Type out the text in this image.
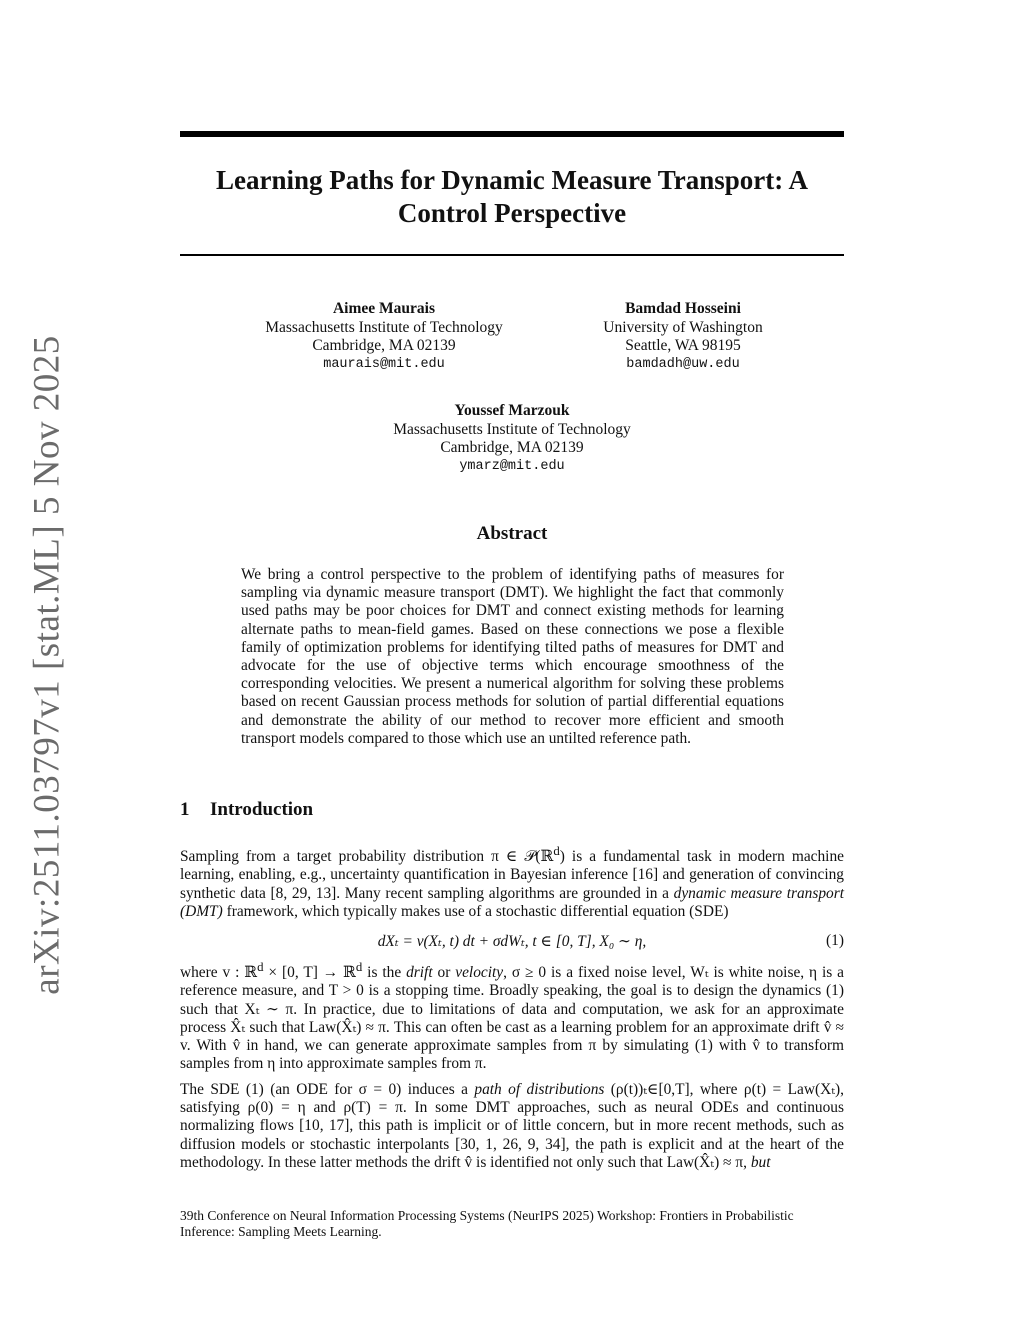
arXiv:2511.03797v1 [stat.ML] 5 Nov 2025
Learning Paths for Dynamic Measure Transport: A
Control Perspective
Aimee Maurais
Massachusetts Institute of Technology
Cambridge, MA 02139
maurais@mit.edu
Bamdad Hosseini
University of Washington
Seattle, WA 98195
bamdadh@uw.edu
Youssef Marzouk
Massachusetts Institute of Technology
Cambridge, MA 02139
ymarz@mit.edu
Abstract
We bring a control perspective to the problem of identifying paths of measures for sampling via dynamic measure transport (DMT). We highlight the fact that commonly used paths may be poor choices for DMT and connect existing methods for learning alternate paths to mean-field games. Based on these connections we pose a flexible family of optimization problems for identifying tilted paths of measures for DMT and advocate for the use of objective terms which encourage smoothness of the corresponding velocities. We present a numerical algorithm for solving these problems based on recent Gaussian process methods for solution of partial differential equations and demonstrate the ability of our method to recover more efficient and smooth transport models compared to those which use an untilted reference path.
1 Introduction
Sampling from a target probability distribution π ∈ 𝒫(ℝ$^d$) is a fundamental task in modern machine learning, enabling, e.g., uncertainty quantification in Bayesian inference [16] and generation of convincing synthetic data [8, 29, 13]. Many recent sampling algorithms are grounded in a dynamic measure transport (DMT) framework, which typically makes use of a stochastic differential equation (SDE)
dXₜ = v(Xₜ, t) dt + σdWₜ, t ∈ [0, T], X₀ ∼ η,	(1)
where v : ℝ$^d$ × [0, T] → ℝ$^d$ is the drift or velocity, σ ≥ 0 is a fixed noise level, Wₜ is white noise, η is a reference measure, and T > 0 is a stopping time. Broadly speaking, the goal is to design the dynamics (1) such that Xₜ ∼ π. In practice, due to limitations of data and computation, we ask for an approximate process X̂ₜ such that Law(X̂ₜ) ≈ π. This can often be cast as a learning problem for an approximate drift v̂ ≈ v. With v̂ in hand, we can generate approximate samples from π by simulating (1) with v̂ to transform samples from η into approximate samples from π.
The SDE (1) (an ODE for σ = 0) induces a path of distributions (ρ(t))ₜ∈[0,T], where ρ(t) = Law(Xₜ), satisfying ρ(0) = η and ρ(T) = π. In some DMT approaches, such as neural ODEs and continuous normalizing flows [10, 17], this path is implicit or of little concern, but in more recent methods, such as diffusion models or stochastic interpolants [30, 1, 26, 9, 34], the path is explicit and at the heart of the methodology. In these latter methods the drift v̂ is identified not only such that Law(X̂ₜ) ≈ π, but
39th Conference on Neural Information Processing Systems (NeurIPS 2025) Workshop: Frontiers in Probabilistic Inference: Sampling Meets Learning.
